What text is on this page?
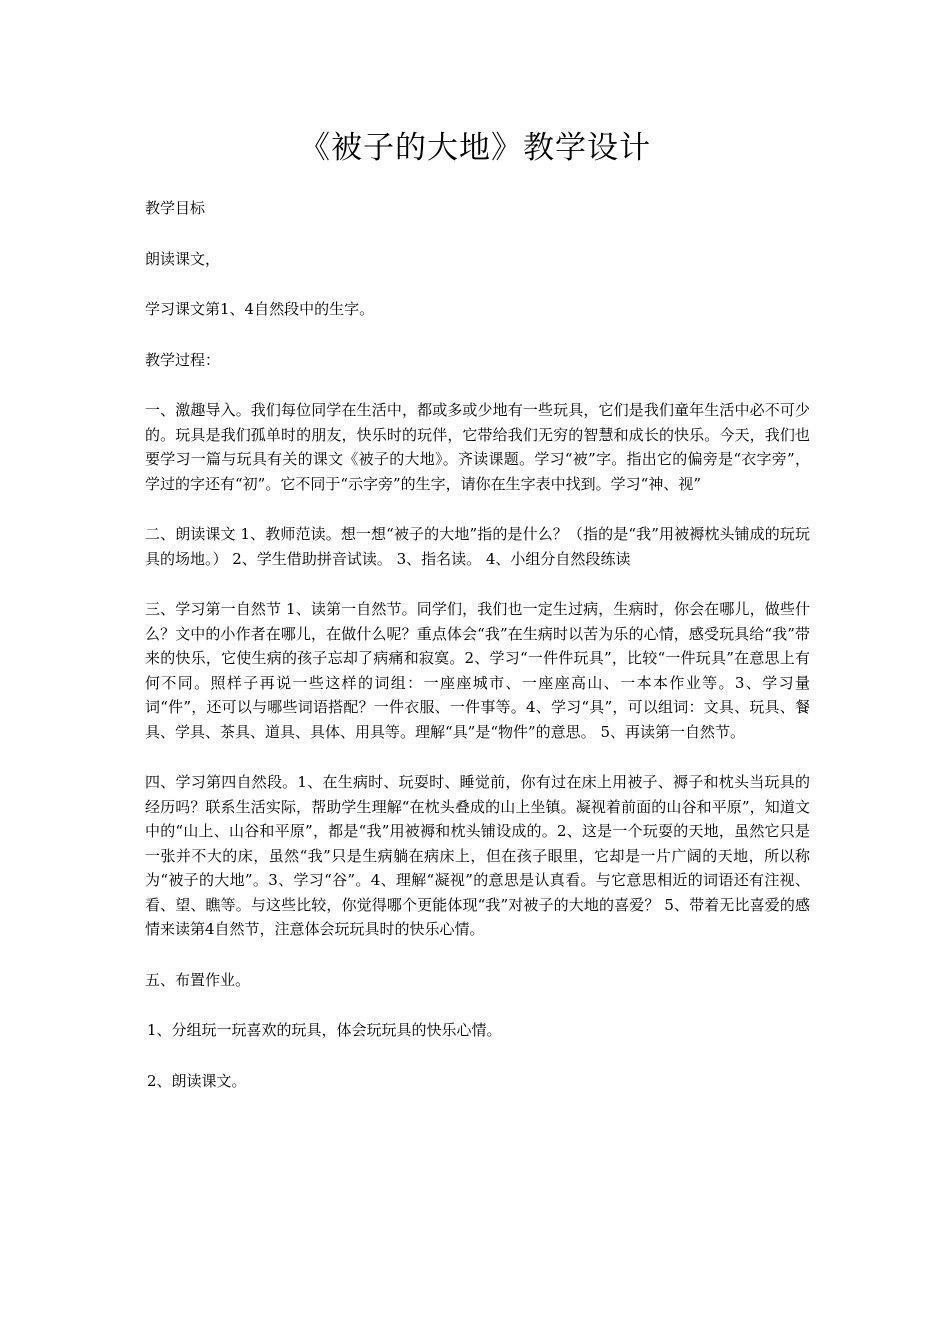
《被子的大地》教学设计

教学目标

朗读课文，

学习课文第1、4自然段中的生字。

教学过程：

一、激趣导入。我们每位同学在生活中，都或多或少地有一些玩具，它们是我们童年生活中必不可少的。玩具是我们孤单时的朋友，快乐时的玩伴，它带给我们无穷的智慧和成长的快乐。今天，我们也要学习一篇与玩具有关的课文《被子的大地》。齐读课题。学习“被”字。指出它的偏旁是“衣字旁”，学过的字还有“初”。它不同于“示字旁”的生字，请你在生字表中找到。学习“神、视”

二、朗读课文 1、教师范读。想一想“被子的大地”指的是什么？（指的是“我”用被褥枕头铺成的玩玩具的场地。） 2、学生借助拼音试读。 3、指名读。 4、小组分自然段练读

三、学习第一自然节 1、读第一自然节。同学们，我们也一定生过病，生病时，你会在哪儿，做些什么？文中的小作者在哪儿，在做什么呢？重点体会“我”在生病时以苦为乐的心情，感受玩具给“我”带来的快乐，它使生病的孩子忘却了病痛和寂寞。2、学习“一件件玩具”，比较“一件玩具”在意思上有何不同。照样子再说一些这样的词组：一座座城市、一座座高山、一本本作业等。3、学习量词“件”，还可以与哪些词语搭配？一件衣服、一件事等。4、学习“具”，可以组词：文具、玩具、餐具、学具、茶具、道具、具体、用具等。理解“具”是“物件”的意思。 5、再读第一自然节。

四、学习第四自然段。1、在生病时、玩耍时、睡觉前，你有过在床上用被子、褥子和枕头当玩具的经历吗？联系生活实际，帮助学生理解“在枕头叠成的山上坐镇。凝视着前面的山谷和平原”，知道文中的“山上、山谷和平原”，都是“我”用被褥和枕头铺设成的。2、这是一个玩耍的天地，虽然它只是一张并不大的床，虽然“我”只是生病躺在病床上，但在孩子眼里，它却是一片广阔的天地，所以称为“被子的大地”。3、学习“谷”。4、理解“凝视”的意思是认真看。与它意思相近的词语还有注视、看、望、瞧等。与这些比较，你觉得哪个更能体现“我”对被子的大地的喜爱？ 5、带着无比喜爱的感情来读第4自然节，注意体会玩玩具时的快乐心情。

五、布置作业。

1、分组玩一玩喜欢的玩具，体会玩玩具的快乐心情。

2、朗读课文。
